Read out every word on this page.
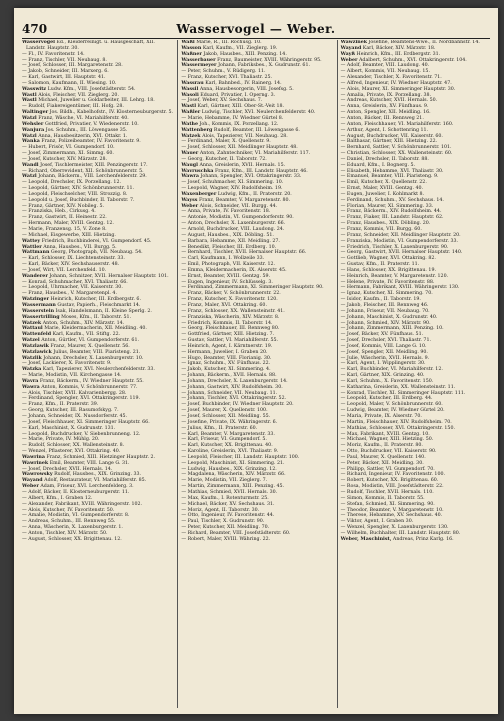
470	Wasservogel — Weber.
Wasservogel Ed., Kleiderreinigt. u. Hausgeschäft, XII. Landstr. Hauptstr. 30.
— Fl., IV. Favoritenstr. 14.
— Franz, Tischler, VII. Neubaug. 8.
— Josef, Schlosser, III. Margaretenstr. 28.
— Jakob, Schneider, III. Marxerg. 6.
— Karl, Gastwirt, III. Hauptstr. 41.
— Salomon, Kaufmann, II. Wiesing. 10.
Wasswitz Ludw. Kfm., VIII. Josefstädterstr. 54.
Wastl Alois, Fleischer, VII. Zieglerg. 20.
Wastl Michael, Juwelier u. Goldarbeiter, III. Lehrg. 18.
— Rudolf, Fiakereigentümer, III. Hofg. 28.
Waltinger Jos. Bildh., Kabelhofstr., IV. Klosterneuburgerstr. 5.
Watzl Franz, Wäsche, VI. Mariahilferstr. 40.
Wehsler Gottfried, Privatier, V. Wiedenerstr. 10.
Wanjura Jos. Schuhm., III. Löwengasse 35.
Watzl Anna, Hausbesitzerin, XVI. Ottakr. 1.
Wanka Franz, Polizeibeamter, IV. Favoritenstr. 9.
— Hubert, Frisör, VI. Gumpendorf. 10.
— Josef, Zimmermann, XI. Simmg. 60.
— Josef, Kutscher, XIV. Märzstr. 28.
Wandl Josef, Tischlermeister, XIII. Penzingerstr. 17.
— Richard, Oberrevident, XII. Schönbrunnerstr. 5.
Watzl Johann, Bäckerm., VIII. Lerchenfelderstr. 29.
— Leopold, Drechsler, IX. Porzellang. 12.
— Leopold, Gärtner, XIV. Schönbrunnerstr. 11.
— Leopold, Fleischselcher, VIII. Strozzig. 8.
— Leopold u. Josef, Buchbinder, II. Taborstr. 7.
— Franz, Gärtner, XIV. Nobileg. 5.
— Franziska, Heb., Cirkusg. 4.
— Franz, Gastwirt, II. Heinestr. 22.
— Hermann, Maler, XVIII. Gentzg. 12.
— Marie, Franzensg. 15, V. Zone 8.
— Michael, Eisgewerbe, XIII. Hietzing.
Wattey Friedrich, Buchbinderei, VI. Gumpendorf. 45.
Wattler Anna, Hausbes., VII. Burgg. 5.
Wattmann Georg, Photograph, VII. Neubaug. 54.
— Karl, Schlosser, IX. Liechtensteinstr. 33.
— Karl, Bäcker, XIV. Sechshauserstr. 48.
— Josef, Wirt, VII. Lerchenfeld. 10.
Wanderer Johann, Schnitzer, XVII. Hernalser Hauptstr. 101.
— Konrad, Schuhmacher, XVI. Thaliastr. 66.
— Leopold, Uhrmacher, VII. Kaiserstr. 30.
— Franz, Hausbes., V. Margaretenpl. 4.
Watzinger Heinrich, Kutscher, III. Erdbergstr. 6.
Wassermann Gustav, Papierh., Fleischmarkt 14.
Wasserstein Isak, Handelsmann, II. Kleine Sperlg. 2.
Wassertrilling Moses, Kfm., II. Taborstr. 51.
Watzek Anton, Schuhm., XIV. Märzstr. 14.
Wattaul Marie, Kleidermacherin, XII. Meidling. 40.
Wattenfeld Karl, Kaufm., VII. Stiftg. 22.
Watzel Anton, Gürtler, VI. Gumpendorferstr. 61.
Watzlawik Franz, Maurer, X. Quellenstr. 56.
Watzlawick Julius, Beamter, VIII. Piaristeng. 21.
Watzlik Johann, Drechsler, X. Laxenburgerstr. 10.
— Josef, Lackierer, X. Favoritenstr. 9.
Watzka Karl, Tapezierer, XVI. Neulerchenfelderstr. 33.
— Marie, Modistin, VII. Kirchengasse 14.
Wavra Franz, Bäckerm., IV. Wiedner Hauptstr. 55.
Wawra Anton, Kommis, V. Schönbrunnerstr. 77.
— Alois, Tischler, XVII. Kalvarienbergg. 28.
— Ferdinand, Spengler, XVI. Ottakringerstr. 119.
— Franz, Kfm., II. Praterstr. 39.
— Georg, Kutscher, III. Rasumofskyg. 7.
— Johann, Schneider, IX. Nussdorferstr. 45.
— Josef, Fleischhauer, XI. Simmeringer Hauptstr. 66.
— Karl, Maschinist, X. Gudrunstr. 131.
— Leopold, Buchdrucker, V. Siebenbrunneng. 12.
— Marie, Private, IV. Mühlg. 20.
— Rudolf, Schlosser, XX. Wallensteinstr. 8.
— Wenzel, Pflasterer, XVI. Ottakring. 40.
Wawrina Franz, Schmied, XIII. Hietzinger Hauptstr. 2.
Wawrinek Emil, Beamter, VIII. Lange G. 31.
— Josef, Drechsler, XVII. Hernals. 14.
Wawrowsky Rudolf, Hausbes., XIX. Grinzing. 33.
Wayand Adolf, Restaurateur, VI. Mariahilferstr. 85.
Weber Adam, Friseur, XVI. Lerchenfelderg. 3.
— Adolf, Bäcker, II. Klosterneuburgerstr. 11.
— Albert, Kfm., I. Graben 12.
— Alexander, Fabrikant, XVIII. Währingerstr. 102.
— Alois, Kutscher, IV. Favoritenstr. 50.
— Amalie, Modistin, VI. Gumpendorferstr. 8.
— Andreas, Schuhm., III. Rennweg 55.
— Anna, Wäscherin, X. Laxenburgerstr. 1.
— Anton, Tischler, XIV. Märzstr. 50.
— August, Schlosser, XX. Brigittenau. 12.
Waßl Marie, R., III. Rochusg. 10.
Wasson Karl, Kaufm., VII. Zieglerg. 19.
Waßner Jakob, Hausbes., XIII. Penzing. 14.
Wasserbauer Franz, Baumeister, XVIII. Währingerstr. 95.
Wassermeyer Johann, Fabriksbes., X. Gudrunstr. 61.
— Peter, Schuhm., V. Rüdigerg. 11.
— Franz, Kutscher, XVI. Thaliastr. 25.
Wassrau Karl, Bahnbed., IV. Rainerg. 14.
Wassil Anna, Hausbesorgerin, VIII. Josefsg. 5.
Wasoli Eduard, Privatier, I. Operng. 3.
— Josef, Weber, XV. Sechshaus. 7.
Wastl Karl, Gärtner, XIII. Ober-St.-Veit 18.
Waßler Ludwig, Tischler, XVI. Neulerchenfelderstr. 40.
— Marie, Hebamme, IV. Wiedner Gürtel 8.
Wathe Joh., Kommis, IX. Porzellang. 12.
Wattenberg Rudolf, Beamter, III. Löwengasse 6.
Watzek Alois, Tapezierer, VII. Neubaug. 28.
— Ferdinand, Maler, X. Quellenstr. 9.
— Josef, Schlosser, XII. Meidlinger Hauptstr. 48.
Wauer Anton, Zahntechniker, VI. Mariahilferstr. 117.
— Georg, Kutscher, II. Taborstr. 72.
Waugl Anna, Greislerin, XVII. Hernals. 15.
Wavruschka Franz, Kfm., III. Landstr. Hauptstr. 46.
Wawra Johann, Spengler, XVI. Ottakringerstr. 33.
— Josef, Schuhmacher, XI. Simmering. 10.
— Leopold, Wagner, XIV. Rudolfsheim. 19.
Waxenberger Ludwig, Kfm., II. Praterstr. 20.
Wayss Franz, Beamter, V. Margaretenstr. 80.
Weber Alois, Schneider, VII. Burgg. 44.
— Anna, Private, IV. Favoritenstr. 18.
— Antonie, Modistin, VI. Gumpendorferstr. 90.
— Anton, Drechsler, X. Laxenburgerstr. 66.
— Arnold, Buchdrucker, VIII. Laudong. 24.
— August, Hausbes., XIX. Döbling. 51.
— Barbara, Hebamme, XII. Meidling. 27.
— Benedikt, Fleischer, III. Erdberg. 10.
— Bernhard, Tischler, XVII. Hernalser Hauptstr. 66.
— Carl, Kaufmann, I. Wollzeile 33.
— Emil, Photograph, VII. Kaiserstr. 12.
— Emma, Kleidermacherin, IX. Alserstr. 45.
— Ernst, Beamter, XVIII. Gentzg. 59.
— Eugen, Ingenieur, IV. Schlüsselg. 3.
— Ferdinand, Zimmermann, XI. Simmeringer Hauptstr. 90.
— Franz, Bäcker, V. Schönbrunnerstr. 22.
— Franz, Kutscher, X. Favoritenstr. 120.
— Franz, Maler, XVI. Ottakring. 60.
— Franz, Schlosser, XX. Wallensteinstr. 41.
— Franziska, Wäscherin, XIV. Märzstr. 8.
— Friedrich, Kommis, II. Taborstr. 14.
— Georg, Fleischhauer, III. Rennweg 80.
— Gottfried, Gärtner, XIII. Hietzing. 7.
— Gustav, Sattler, VI. Mariahilferstr. 55.
— Heinrich, Agent, I. Kärntnerstr. 19.
— Hermann, Juwelier, I. Graben 20.
— Hugo, Beamter, VIII. Florianig. 30.
— Ignaz, Schuhm., XV. Fünfhaus. 22.
— Jakob, Kutscher, XI. Simmering. 4.
— Johann, Bäckerm., XVII. Hernals. 88.
— Johann, Drechsler, X. Laxenburgerstr. 14.
— Johann, Gastwirt, XIV. Rudolfsheim. 30.
— Johann, Schneider, VII. Neubaug. 11.
— Johann, Tischler, XVI. Ottakringerstr. 52.
— Josef, Buchbinder, IV. Wiedner Hauptstr. 20.
— Josef, Maurer, X. Quellenstr. 100.
— Josef, Schlosser, XII. Meidling. 55.
— Josefine, Private, IX. Währingerstr. 6.
— Julius, Kfm., II. Praterstr. 60.
— Karl, Beamter, V. Margaretenstr. 33.
— Karl, Friseur, VI. Gumpendorf. 5.
— Karl, Kutscher, XX. Brigittenau. 40.
— Karoline, Greislerin, XVI. Thaliastr. 9.
— Leopold, Fleischer, III. Landstr. Hauptstr. 100.
— Leopold, Maschinist, XI. Simmering. 21.
— Ludwig, Hausbes., XIX. Grinzing. 12.
— Magdalena, Wäscherin, XIV. Märzstr. 66.
— Marie, Modistin, VII. Zieglerg. 7.
— Martin, Zimmermann, XIII. Penzing. 45.
— Mathias, Schmied, XVII. Hernals. 30.
— Max, Kaufm., I. Rotenturmstr. 25.
— Michael, Bäcker, XV. Sechshaus. 31.
— Moriz, Agent, II. Taborstr. 30.
— Otto, Ingenieur, IV. Favoritenstr. 44.
— Paul, Tischler, X. Gudrunstr. 90.
— Peter, Kutscher, XII. Meidling. 70.
— Richard, Beamter, VIII. Josefstädterstr. 60.
— Robert, Maler, XVIII. Währing. 22.
Wawzinek Josefine, Beamtens-Wwe., II. Nordbahnstr. 14.
Wayand Karl, Bäcker, XIV. Märzstr. 18.
Wayß Heinrich, Kfm., III. Erdbergstr. 31.
Weber Adalbert, Schuhm., XVI. Ottakringerstr. 104.
— Adolf, Beamter, VIII. Laudong. 40.
— Albert, Kommis, VII. Neubaug. 15.
— Alexander, Tischler, X. Favoritenstr. 71.
— Alfred, Ingenieur, IV. Wiedner Hauptstr. 47.
— Alois, Maurer, XI. Simmeringer Hauptstr. 30.
— Amalia, Private, IX. Porzellang. 38.
— Andreas, Kutscher, XVII. Hernals. 50.
— Anna, Greislerin, XV. Fünfhaus. 9.
— Anton, Spengler, XII. Meidling. 16.
— Anton, Bäcker, III. Rennweg 21.
— Anton, Fleischhauer, VI. Mariahilferstr. 160.
— Arthur, Agent, I. Schottenring 11.
— August, Buchdrucker, VII. Kaiserstr. 60.
— Balthasar, Gärtner, XIII. Hietzing. 22.
— Bernhard, Sattler, V. Schönbrunnerstr. 101.
— Christian, Schlosser, XX. Wallensteinstr. 60.
— Daniel, Drechsler, II. Taborstr. 88.
— Eduard, Kfm., I. Bognerg. 5.
— Elisabeth, Hebamme, XVI. Thaliastr. 30.
— Emanuel, Beamter, VIII. Piaristeng. 9.
— Emil, Kutscher, X. Quellenstr. 22.
— Ernst, Maler, XVIII. Gentzg. 40.
— Eugen, Juwelier, I. Kohlmarkt 8.
— Ferdinand, Schuhm., XV. Sechshaus. 14.
— Florian, Maurer, XI. Simmering. 33.
— Franz, Bäckerm., XIV. Rudolfsheim. 44.
— Franz, Fiaker, III. Landstr. Hauptstr. 62.
— Franz, Hausbes., XIX. Döbling. 20.
— Franz, Kommis, VII. Burgg. 60.
— Franz, Schneider, XII. Meidlinger Hauptstr. 20.
— Franziska, Modistin, VI. Gumpendorferstr. 33.
— Friedrich, Tischler, X. Laxenburgerstr. 90.
— Georg, Gastwirt, XVII. Hernalser Hauptstr. 140.
— Gottlieb, Wagner, XVI. Ottakring. 82.
— Gustav, Kfm., II. Praterstr. 11.
— Hans, Schlosser, XX. Brigittenau. 19.
— Heinrich, Beamter, V. Margaretenstr. 120.
— Helene, Private, IV. Favoritenstr. 88.
— Hermann, Fabrikant, XVIII. Währingerstr. 130.
— Ignaz, Kutscher, XI. Simmering. 70.
— Isidor, Kaufm., II. Taborstr. 19.
— Jakob, Fleischer, III. Rennweg 46.
— Johann, Friseur, VII. Neubaug. 70.
— Johann, Maschinist, X. Gudrunstr. 40.
— Johann, Schmied, XIV. Märzstr. 90.
— Johann, Zimmermann, XIII. Penzing. 10.
— Josef, Bäcker, XV. Fünfhaus. 51.
— Josef, Drechsler, XVI. Thaliastr. 71.
— Josef, Kommis, VIII. Lange G. 10.
— Josef, Spengler, XII. Meidling. 90.
— Julie, Wäscherin, XVII. Hernals. 9.
— Karl, Agent, I. Wipplingerstr. 30.
— Karl, Buchbinder, VI. Mariahilferstr. 12.
— Karl, Gärtner, XIX. Grinzing. 40.
— Karl, Schuhm., X. Favoritenstr. 150.
— Katharina, Greislerin, XX. Wallensteinstr. 11.
— Konrad, Tischler, XI. Simmeringer Hauptstr. 111.
— Leopold, Kutscher, III. Erdberg. 44.
— Leopold, Maler, V. Schönbrunnerstr. 60.
— Ludwig, Beamter, IV. Wiedner Gürtel 20.
— Maria, Private, IX. Alserstr. 70.
— Martin, Fleischhauer, XIV. Rudolfsheim. 70.
— Mathias, Schlosser, XVI. Ottakringerstr. 150.
— Max, Fabrikant, XVIII. Gentzg. 10.
— Michael, Wagner, XIII. Hietzing. 50.
— Moriz, Kaufm., II. Praterstr. 80.
— Otto, Buchdrucker, VII. Kaiserstr. 90.
— Paul, Maurer, X. Quellenstr. 140.
— Peter, Bäcker, XII. Meidling. 30.
— Philipp, Sattler, VI. Gumpendorf. 70.
— Richard, Ingenieur, IV. Favoritenstr. 100.
— Robert, Kutscher, XX. Brigittenau. 60.
— Rosa, Modistin, VIII. Josefstädterstr. 22.
— Rudolf, Tischler, XVII. Hernals. 110.
— Simon, Kommis, II. Taborstr. 55.
— Stefan, Schmied, XI. Simmering. 90.
— Theodor, Beamter, V. Margaretenstr. 10.
— Therese, Hebamme, XV. Sechshaus. 40.
— Viktor, Agent, I. Graben 30.
— Wenzel, Spengler, X. Laxenburgerstr. 130.
— Wilhelm, Buchhalter, III. Landstr. Hauptstr. 80.
Weber, Maschinist, Andreas, Prinz Karlg. 16.
